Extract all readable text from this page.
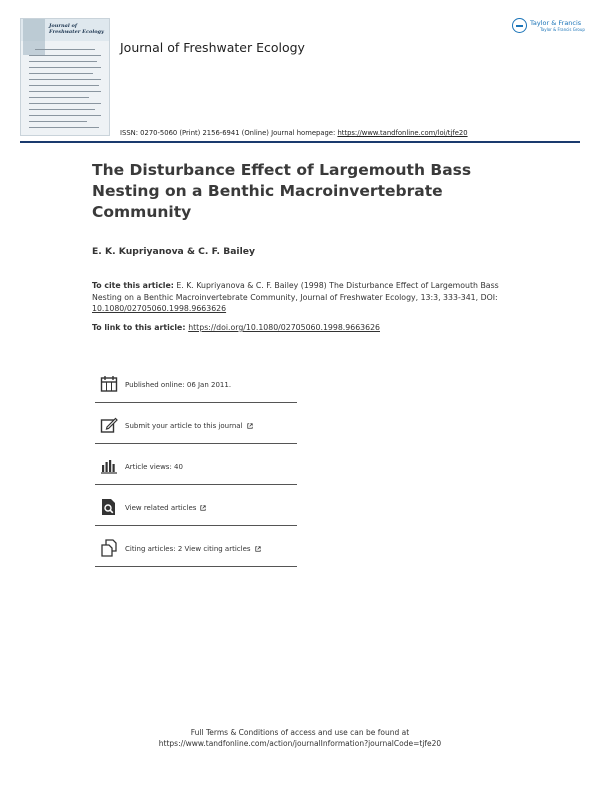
Journal of
Freshwater Ecology
Journal of Freshwater Ecology
Taylor & Francis
Taylor & Francis Group
ISSN: 0270-5060 (Print) 2156-6941 (Online) Journal homepage: https://www.tandfonline.com/loi/tjfe20
The Disturbance Effect of Largemouth Bass Nesting on a Benthic Macroinvertebrate Community
E. K. Kupriyanova & C. F. Bailey

To cite this article: E. K. Kupriyanova & C. F. Bailey (1998) The Disturbance Effect of Largemouth Bass Nesting on a Benthic Macroinvertebrate Community, Journal of Freshwater Ecology, 13:3, 333-341, DOI: 10.1080/02705060.1998.9663626

To link to this article: https://doi.org/10.1080/02705060.1998.9663626
Published online: 06 Jan 2011.
Submit your article to this journal
Article views: 40
View related articles
Citing articles: 2 View citing articles
Full Terms & Conditions of access and use can be found at
https://www.tandfonline.com/action/journalInformation?journalCode=tjfe20
